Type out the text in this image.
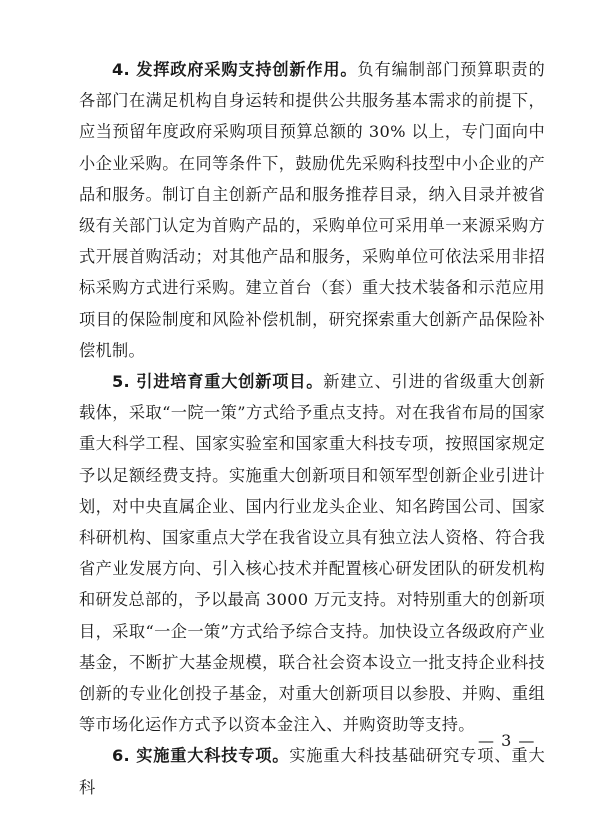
4. 发挥政府采购支持创新作用。负有编制部门预算职责的各部门在满足机构自身运转和提供公共服务基本需求的前提下，应当预留年度政府采购项目预算总额的 30% 以上，专门面向中小企业采购。在同等条件下，鼓励优先采购科技型中小企业的产品和服务。制订自主创新产品和服务推荐目录，纳入目录并被省级有关部门认定为首购产品的，采购单位可采用单一来源采购方式开展首购活动；对其他产品和服务，采购单位可依法采用非招标采购方式进行采购。建立首台（套）重大技术装备和示范应用项目的保险制度和风险补偿机制，研究探索重大创新产品保险补偿机制。

5. 引进培育重大创新项目。新建立、引进的省级重大创新载体，采取“一院一策”方式给予重点支持。对在我省布局的国家重大科学工程、国家实验室和国家重大科技专项，按照国家规定予以足额经费支持。实施重大创新项目和领军型创新企业引进计划，对中央直属企业、国内行业龙头企业、知名跨国公司、国家科研机构、国家重点大学在我省设立具有独立法人资格、符合我省产业发展方向、引入核心技术并配置核心研发团队的研发机构和研发总部的，予以最高 3000 万元支持。对特别重大的创新项目，采取“一企一策”方式给予综合支持。加快设立各级政府产业基金，不断扩大基金规模，联合社会资本设立一批支持企业科技创新的专业化创投子基金，对重大创新项目以参股、并购、重组等市场化运作方式予以资本金注入、并购资助等支持。

6. 实施重大科技专项。实施重大科技基础研究专项、重大科

— 3 —
